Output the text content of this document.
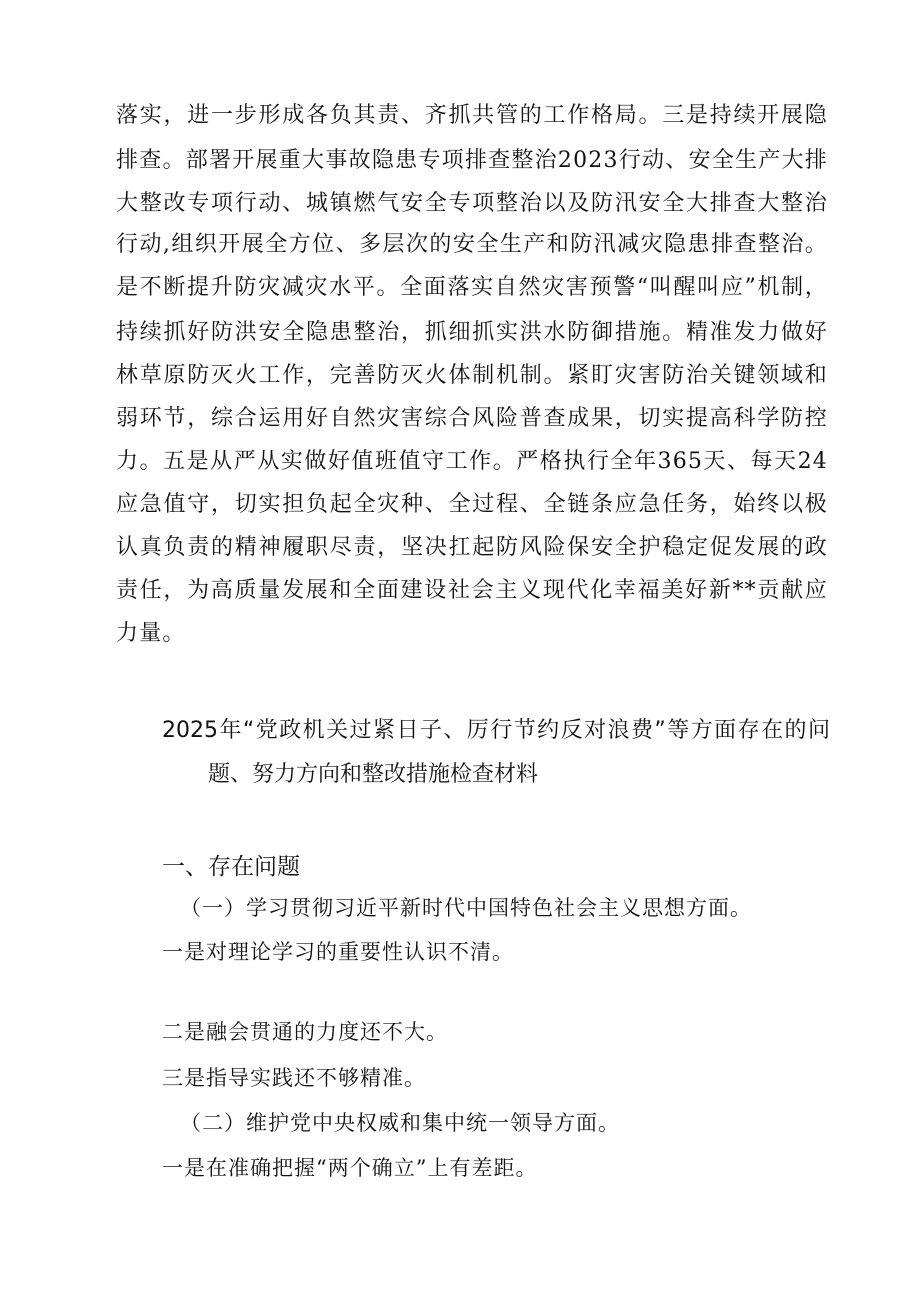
落实，进一步形成各负其责、齐抓共管的工作格局。三是持续开展隐
排查。部署开展重大事故隐患专项排查整治2023行动、安全生产大排
大整改专项行动、城镇燃气安全专项整治以及防汛安全大排查大整治
行动,组织开展全方位、多层次的安全生产和防汛减灾隐患排查整治。
是不断提升防灾减灾水平。全面落实自然灾害预警“叫醒叫应”机制，
持续抓好防洪安全隐患整治，抓细抓实洪水防御措施。精准发力做好
林草原防灭火工作，完善防灭火体制机制。紧盯灾害防治关键领域和
弱环节，综合运用好自然灾害综合风险普查成果，切实提高科学防控
力。五是从严从实做好值班值守工作。严格执行全年365天、每天24
应急值守，切实担负起全灾种、全过程、全链条应急任务，始终以极
认真负责的精神履职尽责，坚决扛起防风险保安全护稳定促发展的政
责任，为高质量发展和全面建设社会主义现代化幸福美好新**贡献应
力量。
2025年“党政机关过紧日子、厉行节约反对浪费”等方面存在的问
题、努力方向和整改措施检查材料
一、存在问题
（一）学习贯彻习近平新时代中国特色社会主义思想方面。
一是对理论学习的重要性认识不清。
二是融会贯通的力度还不大。
三是指导实践还不够精准。
（二）维护党中央权威和集中统一领导方面。
一是在准确把握“两个确立”上有差距。
